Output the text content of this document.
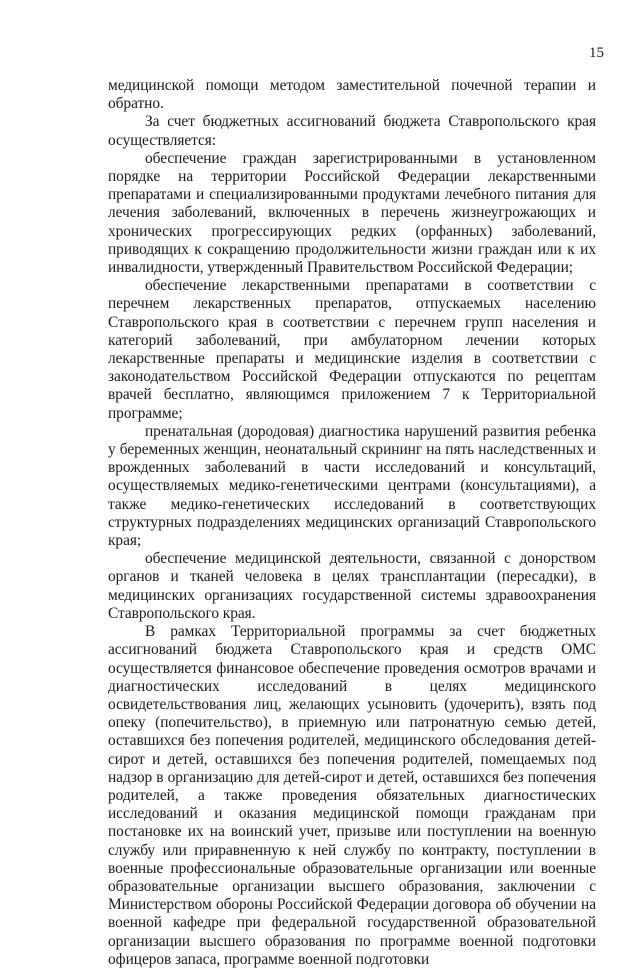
15

медицинской помощи методом заместительной почечной терапии и обратно.

За счет бюджетных ассигнований бюджета Ставропольского края осуществляется:

обеспечение граждан зарегистрированными в установленном порядке на территории Российской Федерации лекарственными препаратами и специализированными продуктами лечебного питания для лечения заболеваний, включенных в перечень жизнеугрожающих и хронических прогрессирующих редких (орфанных) заболеваний, приводящих к сокращению продолжительности жизни граждан или к их инвалидности, утвержденный Правительством Российской Федерации;

обеспечение лекарственными препаратами в соответствии с перечнем лекарственных препаратов, отпускаемых населению Ставропольского края в соответствии с перечнем групп населения и категорий заболеваний, при амбулаторном лечении которых лекарственные препараты и медицинские изделия в соответствии с законодательством Российской Федерации отпускаются по рецептам врачей бесплатно, являющимся приложением 7 к Территориальной программе;

пренатальная (дородовая) диагностика нарушений развития ребенка у беременных женщин, неонатальный скрининг на пять наследственных и врожденных заболеваний в части исследований и консультаций, осуществляемых медико-генетическими центрами (консультациями), а также медико-генетических исследований в соответствующих структурных подразделениях медицинских организаций Ставропольского края;

обеспечение медицинской деятельности, связанной с донорством органов и тканей человека в целях трансплантации (пересадки), в медицинских организациях государственной системы здравоохранения Ставропольского края.

В рамках Территориальной программы за счет бюджетных ассигнований бюджета Ставропольского края и средств ОМС осуществляется финансовое обеспечение проведения осмотров врачами и диагностических исследований в целях медицинского освидетельствования лиц, желающих усыновить (удочерить), взять под опеку (попечительство), в приемную или патронатную семью детей, оставшихся без попечения родителей, медицинского обследования детей-сирот и детей, оставшихся без попечения родителей, помещаемых под надзор в организацию для детей-сирот и детей, оставшихся без попечения родителей, а также проведения обязательных диагностических исследований и оказания медицинской помощи гражданам при постановке их на воинский учет, призыве или поступлении на военную службу или приравненную к ней службу по контракту, поступлении в военные профессиональные образовательные организации или военные образовательные организации высшего образования, заключении с Министерством обороны Российской Федерации договора об обучении на военной кафедре при федеральной государственной образовательной организации высшего образования по программе военной подготовки офицеров запаса, программе военной подготовки
